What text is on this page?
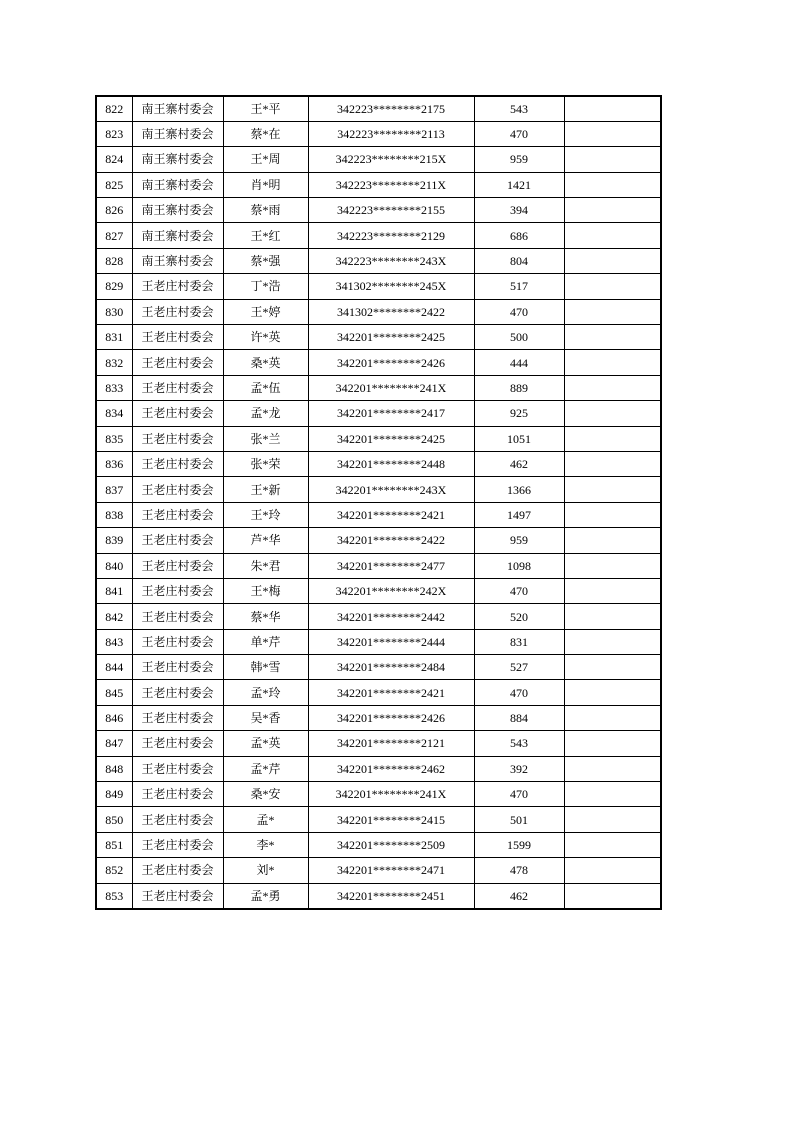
822	南王寨村委会	王*平	342223********2175	543	
823	南王寨村委会	蔡*在	342223********2113	470	
824	南王寨村委会	王*周	342223********215X	959	
825	南王寨村委会	肖*明	342223********211X	1421	
826	南王寨村委会	蔡*雨	342223********2155	394	
827	南王寨村委会	王*红	342223********2129	686	
828	南王寨村委会	蔡*强	342223********243X	804	
829	王老庄村委会	丁*浩	341302********245X	517	
830	王老庄村委会	王*婷	341302********2422	470	
831	王老庄村委会	许*英	342201********2425	500	
832	王老庄村委会	桑*英	342201********2426	444	
833	王老庄村委会	孟*伍	342201********241X	889	
834	王老庄村委会	孟*龙	342201********2417	925	
835	王老庄村委会	张*兰	342201********2425	1051	
836	王老庄村委会	张*荣	342201********2448	462	
837	王老庄村委会	王*新	342201********243X	1366	
838	王老庄村委会	王*玲	342201********2421	1497	
839	王老庄村委会	芦*华	342201********2422	959	
840	王老庄村委会	朱*君	342201********2477	1098	
841	王老庄村委会	王*梅	342201********242X	470	
842	王老庄村委会	蔡*华	342201********2442	520	
843	王老庄村委会	单*芹	342201********2444	831	
844	王老庄村委会	韩*雪	342201********2484	527	
845	王老庄村委会	孟*玲	342201********2421	470	
846	王老庄村委会	吴*香	342201********2426	884	
847	王老庄村委会	孟*英	342201********2121	543	
848	王老庄村委会	孟*芹	342201********2462	392	
849	王老庄村委会	桑*安	342201********241X	470	
850	王老庄村委会	孟*	342201********2415	501	
851	王老庄村委会	李*	342201********2509	1599	
852	王老庄村委会	刘*	342201********2471	478	
853	王老庄村委会	孟*勇	342201********2451	462	
